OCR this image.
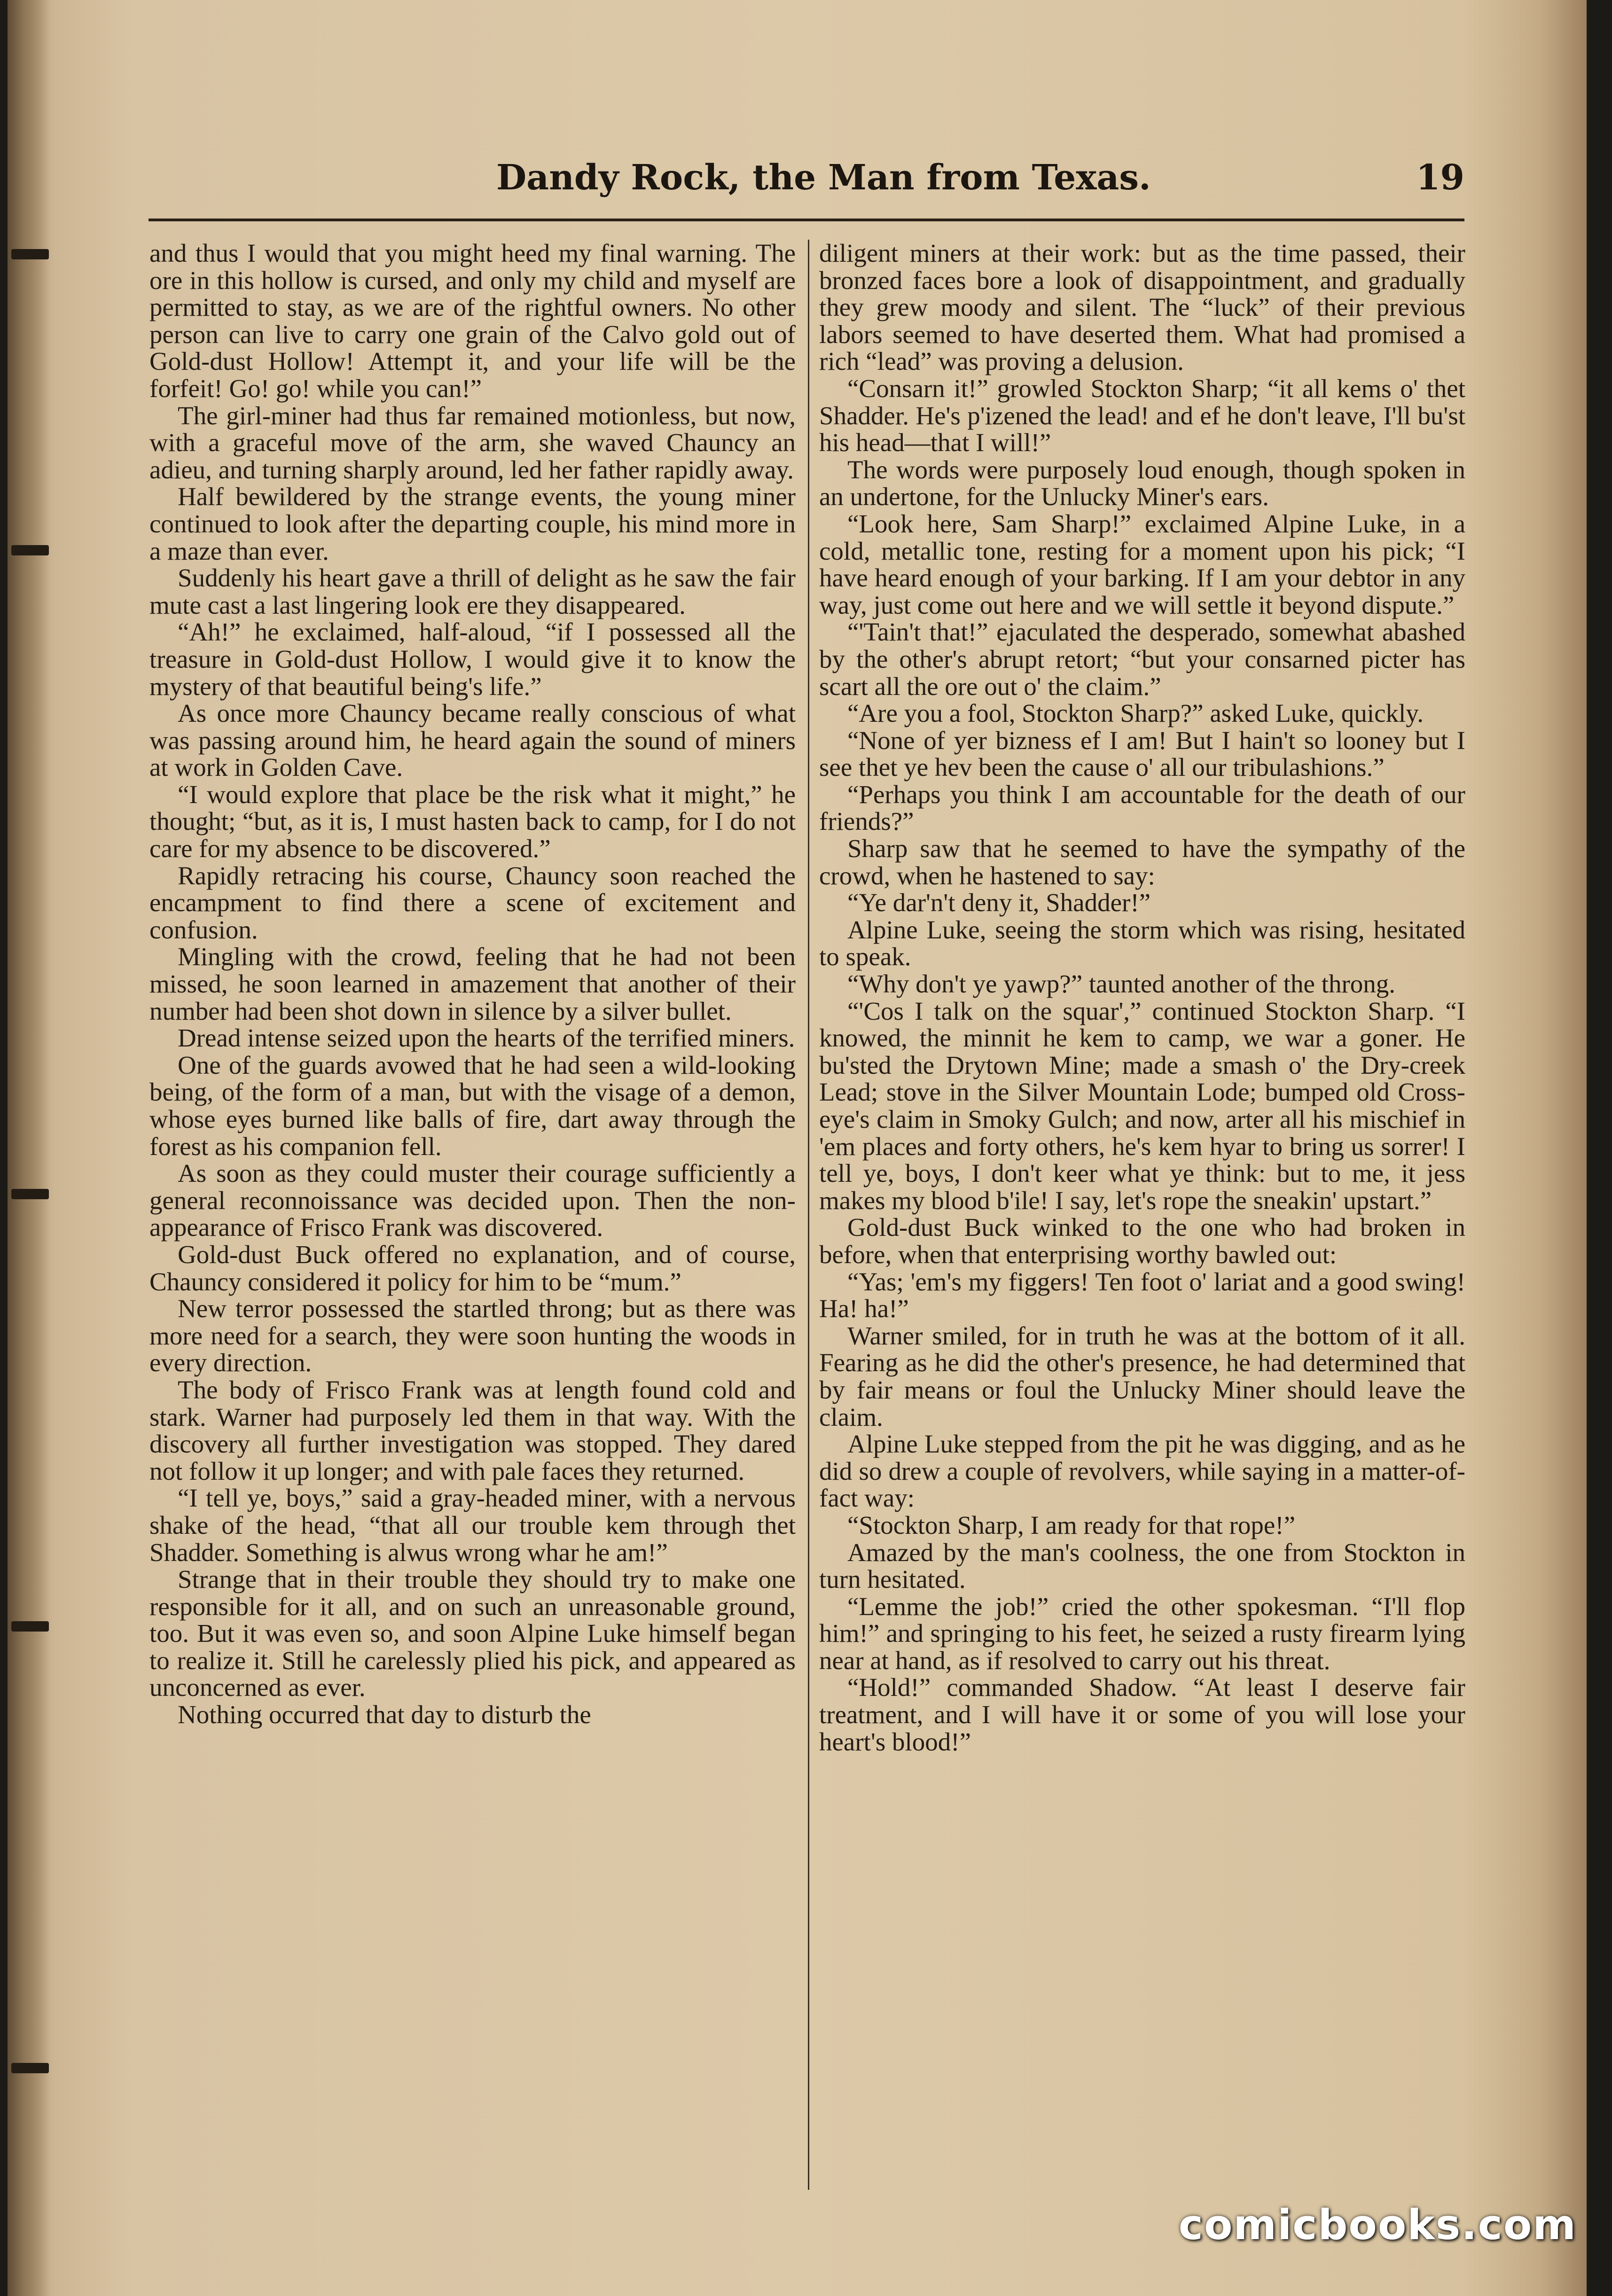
Dandy Rock, the Man from Texas.	19

and thus I would that you might heed my final warning. The ore in this hollow is cursed, and only my child and myself are permitted to stay, as we are of the rightful owners. No other person can live to carry one grain of the Calvo gold out of Gold-dust Hollow! Attempt it, and your life will be the forfeit! Go! go! while you can!”

The girl-miner had thus far remained motionless, but now, with a graceful move of the arm, she waved Chauncy an adieu, and turning sharply around, led her father rapidly away.

Half bewildered by the strange events, the young miner continued to look after the departing couple, his mind more in a maze than ever.

Suddenly his heart gave a thrill of delight as he saw the fair mute cast a last lingering look ere they disappeared.

“Ah!” he exclaimed, half-aloud, “if I possessed all the treasure in Gold-dust Hollow, I would give it to know the mystery of that beautiful being's life.”

As once more Chauncy became really conscious of what was passing around him, he heard again the sound of miners at work in Golden Cave.

“I would explore that place be the risk what it might,” he thought; “but, as it is, I must hasten back to camp, for I do not care for my absence to be discovered.”

Rapidly retracing his course, Chauncy soon reached the encampment to find there a scene of excitement and confusion.

Mingling with the crowd, feeling that he had not been missed, he soon learned in amazement that another of their number had been shot down in silence by a silver bullet.

Dread intense seized upon the hearts of the terrified miners.

One of the guards avowed that he had seen a wild-looking being, of the form of a man, but with the visage of a demon, whose eyes burned like balls of fire, dart away through the forest as his companion fell.

As soon as they could muster their courage sufficiently a general reconnoissance was decided upon. Then the non-appearance of Frisco Frank was discovered.

Gold-dust Buck offered no explanation, and of course, Chauncy considered it policy for him to be “mum.”

New terror possessed the startled throng; but as there was more need for a search, they were soon hunting the woods in every direction.

The body of Frisco Frank was at length found cold and stark. Warner had purposely led them in that way. With the discovery all further investigation was stopped. They dared not follow it up longer; and with pale faces they returned.

“I tell ye, boys,” said a gray-headed miner, with a nervous shake of the head, “that all our trouble kem through thet Shadder. Something is alwus wrong whar he am!”

Strange that in their trouble they should try to make one responsible for it all, and on such an unreasonable ground, too. But it was even so, and soon Alpine Luke himself began to realize it. Still he carelessly plied his pick, and appeared as unconcerned as ever.

Nothing occurred that day to disturb the

diligent miners at their work: but as the time passed, their bronzed faces bore a look of disappointment, and gradually they grew moody and silent. The “luck” of their previous labors seemed to have deserted them. What had promised a rich “lead” was proving a delusion.

“Consarn it!” growled Stockton Sharp; “it all kems o' thet Shadder. He's p'izened the lead! and ef he don't leave, I'll bu'st his head—that I will!”

The words were purposely loud enough, though spoken in an undertone, for the Unlucky Miner's ears.

“Look here, Sam Sharp!” exclaimed Alpine Luke, in a cold, metallic tone, resting for a moment upon his pick; “I have heard enough of your barking. If I am your debtor in any way, just come out here and we will settle it beyond dispute.”

“'Tain't that!” ejaculated the desperado, somewhat abashed by the other's abrupt retort; “but your consarned picter has scart all the ore out o' the claim.”

“Are you a fool, Stockton Sharp?” asked Luke, quickly.

“None of yer bizness ef I am! But I hain't so looney but I see thet ye hev been the cause o' all our tribulashions.”

“Perhaps you think I am accountable for the death of our friends?”

Sharp saw that he seemed to have the sympathy of the crowd, when he hastened to say:

“Ye dar'n't deny it, Shadder!”

Alpine Luke, seeing the storm which was rising, hesitated to speak.

“Why don't ye yawp?” taunted another of the throng.

“'Cos I talk on the squar',” continued Stockton Sharp. “I knowed, the minnit he kem to camp, we war a goner. He bu'sted the Drytown Mine; made a smash o' the Dry-creek Lead; stove in the Silver Mountain Lode; bumped old Cross-eye's claim in Smoky Gulch; and now, arter all his mischief in 'em places and forty others, he's kem hyar to bring us sorrer! I tell ye, boys, I don't keer what ye think: but to me, it jess makes my blood b'ile! I say, let's rope the sneakin' upstart.”

Gold-dust Buck winked to the one who had broken in before, when that enterprising worthy bawled out:

“Yas; 'em's my figgers! Ten foot o' lariat and a good swing! Ha! ha!”

Warner smiled, for in truth he was at the bottom of it all. Fearing as he did the other's presence, he had determined that by fair means or foul the Unlucky Miner should leave the claim.

Alpine Luke stepped from the pit he was digging, and as he did so drew a couple of revolvers, while saying in a matter-of-fact way:

“Stockton Sharp, I am ready for that rope!”

Amazed by the man's coolness, the one from Stockton in turn hesitated.

“Lemme the job!” cried the other spokesman. “I'll flop him!” and springing to his feet, he seized a rusty firearm lying near at hand, as if resolved to carry out his threat.

“Hold!” commanded Shadow. “At least I deserve fair treatment, and I will have it or some of you will lose your heart's blood!”

comicbooks.com
